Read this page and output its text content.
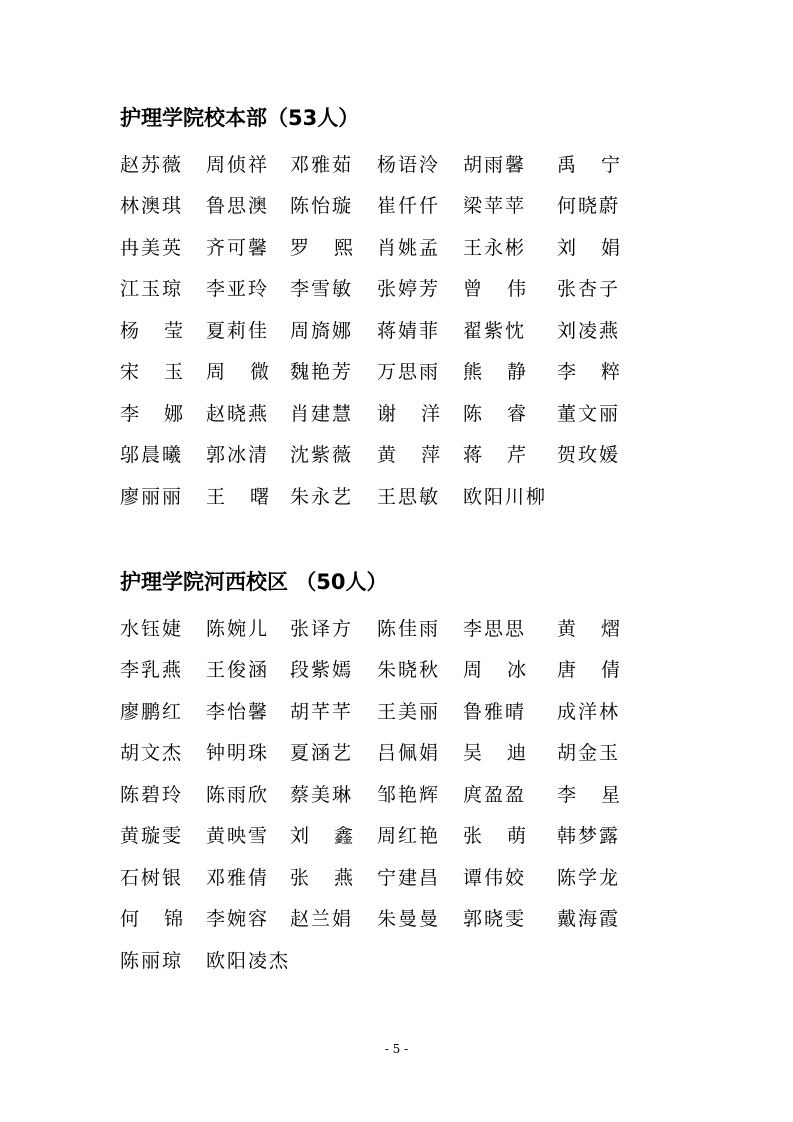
护理学院校本部（53人）
赵苏薇 周侦祥 邓雅茹 杨语泠 胡雨馨 禹 宁
林澳琪 鲁思澳 陈怡璇 崔仟仟 梁苹苹 何晓蔚
冉美英 齐可馨 罗 熙 肖姚孟 王永彬 刘 娟
江玉琼 李亚玲 李雪敏 张婷芳 曾 伟 张杏子
杨 莹 夏莉佳 周旖娜 蒋婧菲 翟紫忱 刘凌燕
宋 玉 周 微 魏艳芳 万思雨 熊 静 李 粹
李 娜 赵晓燕 肖建慧 谢 洋 陈 睿 董文丽
邬晨曦 郭冰清 沈紫薇 黄 萍 蒋 芹 贺玫媛
廖丽丽 王 曙 朱永艺 王思敏 欧阳川柳
护理学院河西校区 （50人）
水钰婕 陈婉儿 张译方 陈佳雨 李思思 黄 熠
李乳燕 王俊涵 段紫嫣 朱晓秋 周 冰 唐 倩
廖鹏红 李怡馨 胡芊芊 王美丽 鲁雅晴 成洋林
胡文杰 钟明珠 夏涵艺 吕佩娟 吴 迪 胡金玉
陈碧玲 陈雨欣 蔡美琳 邹艳辉 庹盈盈 李 星
黄璇雯 黄映雪 刘 鑫 周红艳 张 萌 韩梦露
石树银 邓雅倩 张 燕 宁建昌 谭伟姣 陈学龙
何 锦 李婉容 赵兰娟 朱曼曼 郭晓雯 戴海霞
陈丽琼 欧阳凌杰
- 5 -
